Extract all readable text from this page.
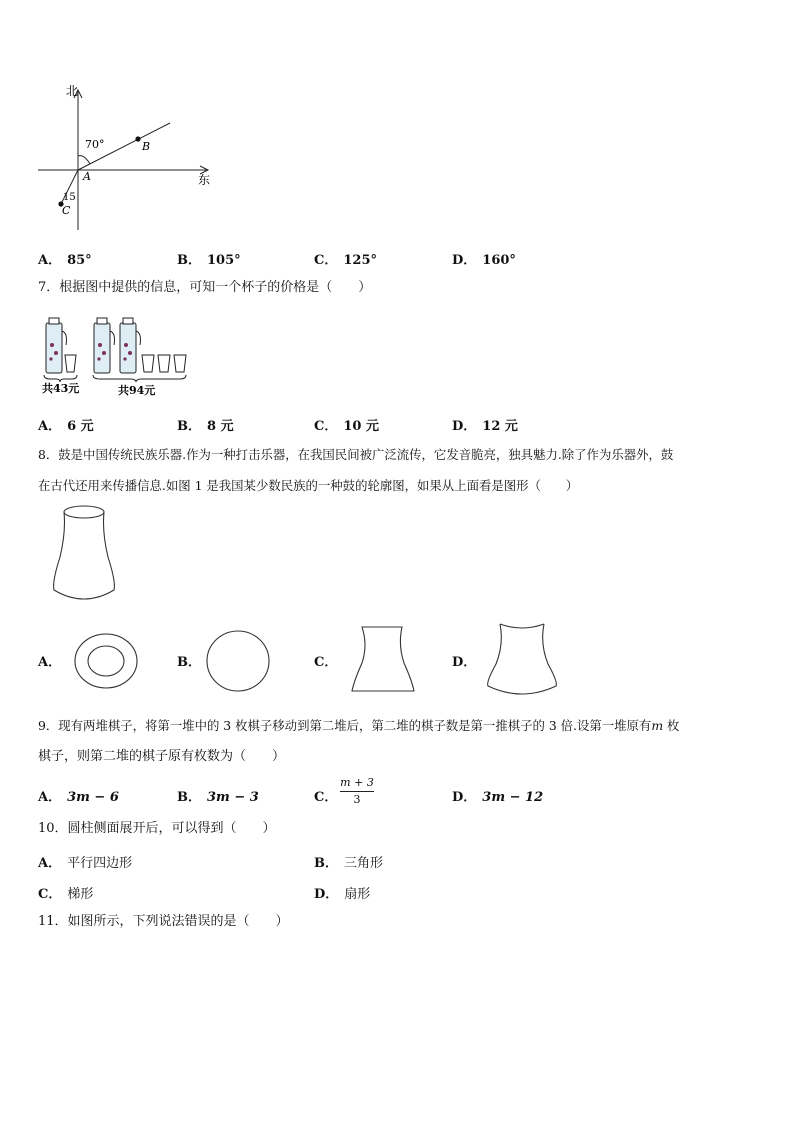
北
东
70°
15
A
B
C
A． 85°	B． 105°	C． 125°	D． 160°
7．根据图中提供的信息，可知一个杯子的价格是（　　）
共43元	共94元
A． 6 元	B． 8 元	C． 10 元	D． 12 元
8．鼓是中国传统民族乐器.作为一种打击乐器，在我国民间被广泛流传，它发音脆亮，独具魅力.除了作为乐器外，鼓
在古代还用来传播信息.如图 1 是我国某少数民族的一种鼓的轮廓图，如果从上面看是图形（　　）
A．	B．	C．	D．
9．现有两堆棋子，将第一堆中的 3 枚棋子移动到第二堆后，第二堆的棋子数是第一推棋子的 3 倍.设第一堆原有m 枚
棋子，则第二堆的棋子原有枚数为（　　）
A． 3m − 6	B． 3m − 3	C．
m + 3
3	D． 3m − 12
10．圆柱侧面展开后，可以得到（　　）
A． 平行四边形	B． 三角形
C． 梯形	D． 扇形
11．如图所示，下列说法错误的是（　　）
